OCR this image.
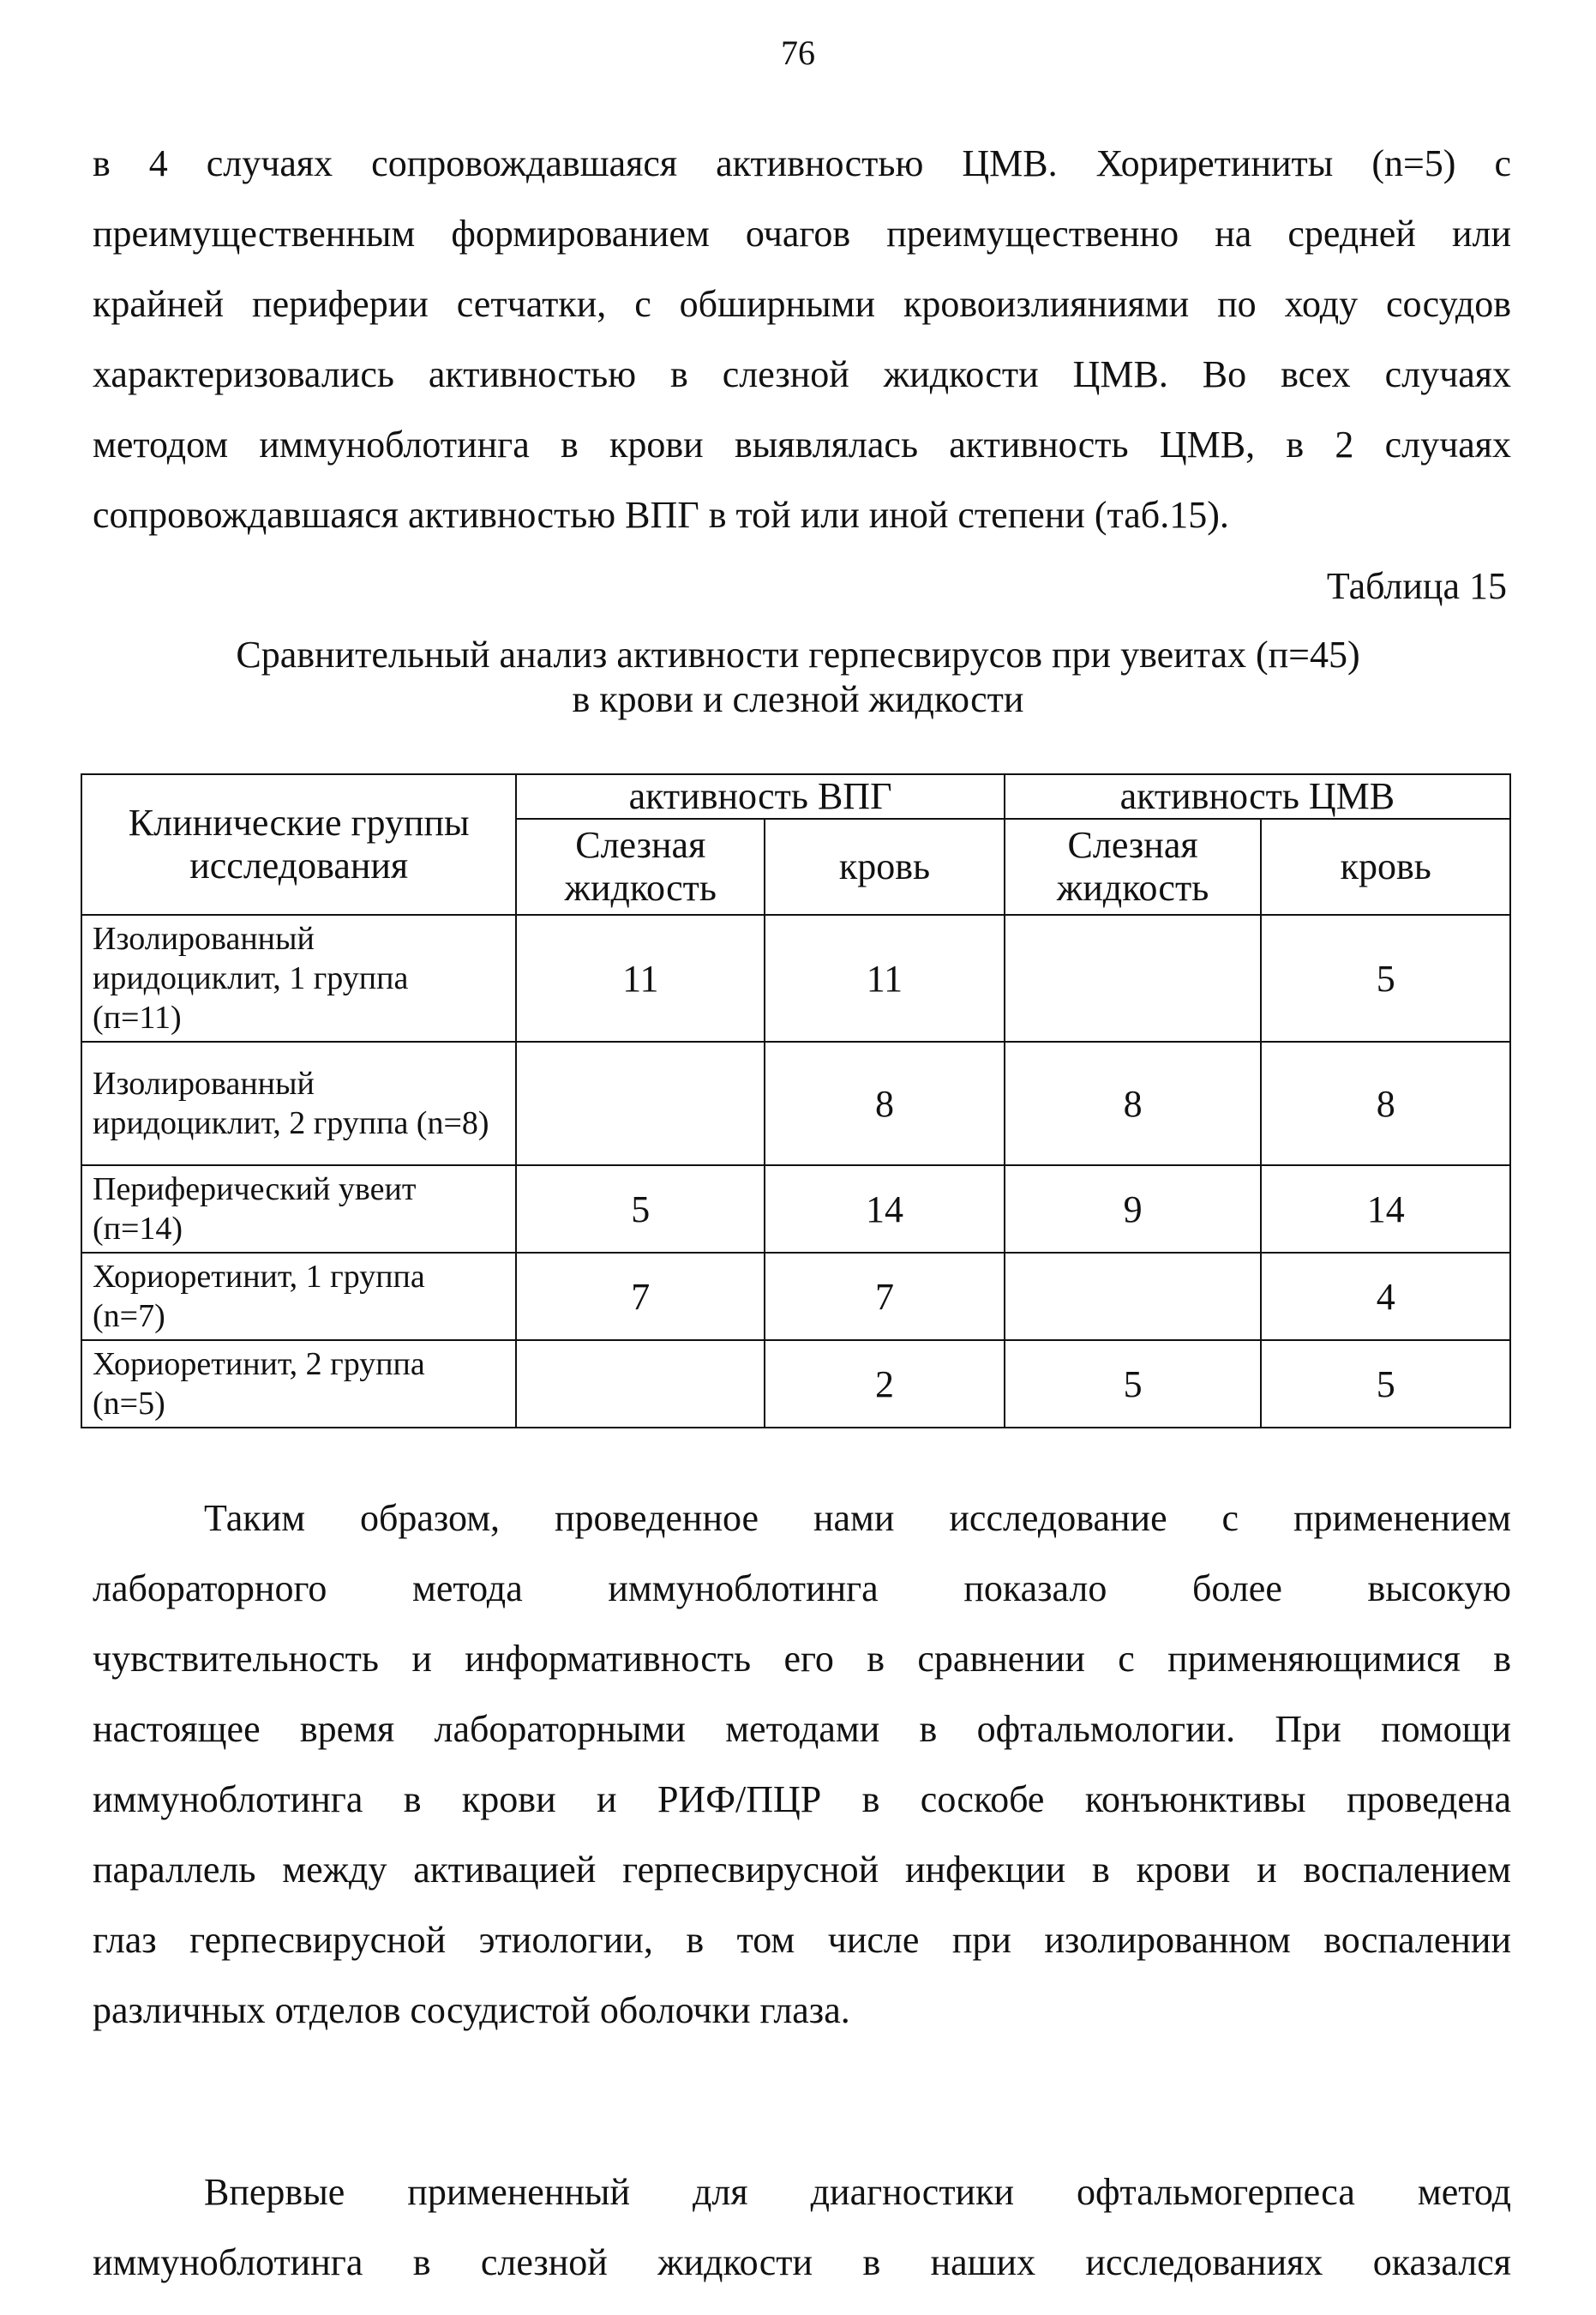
76
в 4 случаях сопровождавшаяся активностью ЦМВ. Хориретиниты (n=5) с
преимущественным формированием очагов преимущественно на средней или
крайней периферии сетчатки, с обширными кровоизлияниями по ходу сосудов
характеризовались активностью в слезной жидкости ЦМВ. Во всех случаях
методом иммуноблотинга в крови выявлялась активность ЦМВ, в 2 случаях
сопровождавшаяся активностью ВПГ в той или иной степени (таб.15).
Таблица 15
Сравнительный анализ активности герпесвирусов при увеитах (п=45)
в крови и слезной жидкости
Клинические группы исследования	активность ВПГ		активность ЦМВ	
	Слезная жидкость	кровь	Слезная жидкость	кровь
Изолированный иридоциклит, 1 группа (п=11)	11	11		5
Изолированный иридоциклит, 2 группа (n=8)		8	8	8
Периферический увеит (п=14)	5	14	9	14
Хориоретинит, 1 группа (n=7)	7	7		4
Хориоретинит, 2 группа (n=5)		2	5	5
Таким образом, проведенное нами исследование с применением
лабораторного метода иммуноблотинга показало более высокую
чувствительность и информативность его в сравнении с применяющимися в
настоящее время лабораторными методами в офтальмологии. При помощи
иммуноблотинга в крови и РИФ/ПЦР в соскобе конъюнктивы проведена
параллель между активацией герпесвирусной инфекции в крови и воспалением
глаз герпесвирусной этиологии, в том числе при изолированном воспалении
различных отделов сосудистой оболочки глаза.
Впервые примененный для диагностики офтальмогерпеса метод
иммуноблотинга в слезной жидкости в наших исследованиях оказался
